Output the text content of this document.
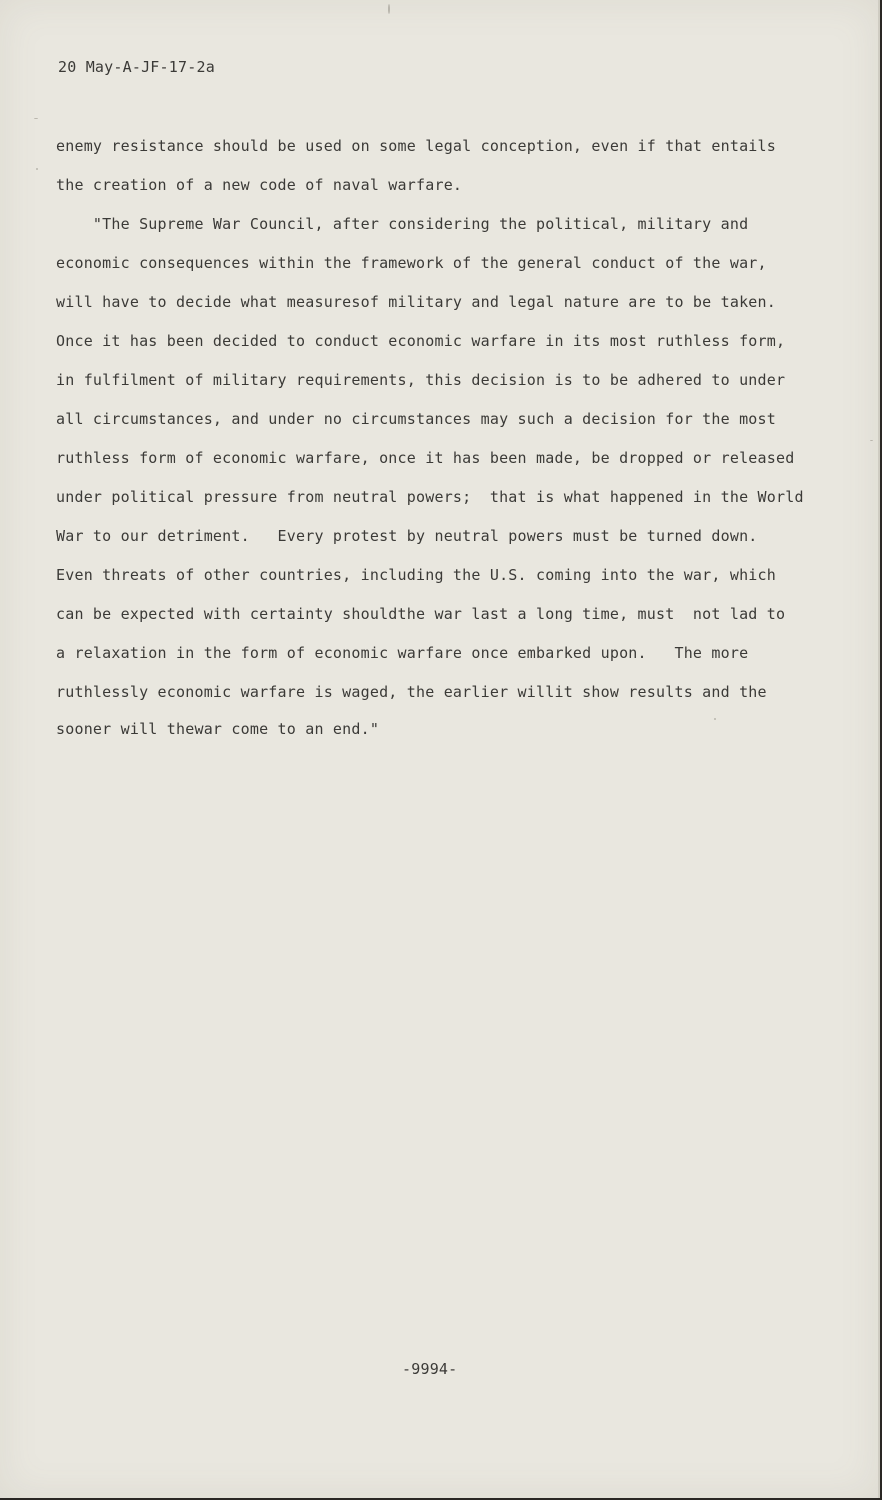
20 May-A-JF-17-2a
enemy resistance should be used on some legal conception, even if that entails
the creation of a new code of naval warfare.
"The Supreme War Council, after considering the political, military and
economic consequences within the framework of the general conduct of the war,
will have to decide what measuresof military and legal nature are to be taken.
Once it has been decided to conduct economic warfare in its most ruthless form,
in fulfilment of military requirements, this decision is to be adhered to under
all circumstances, and under no circumstances may such a decision for the most
ruthless form of economic warfare, once it has been made, be dropped or released
under political pressure from neutral powers;  that is what happened in the World
War to our detriment.   Every protest by neutral powers must be turned down.
Even threats of other countries, including the U.S. coming into the war, which
can be expected with certainty shouldthe war last a long time, must  not lad to
a relaxation in the form of economic warfare once embarked upon.   The more
ruthlessly economic warfare is waged, the earlier willit show results and the
sooner will thewar come to an end."
-9994-
